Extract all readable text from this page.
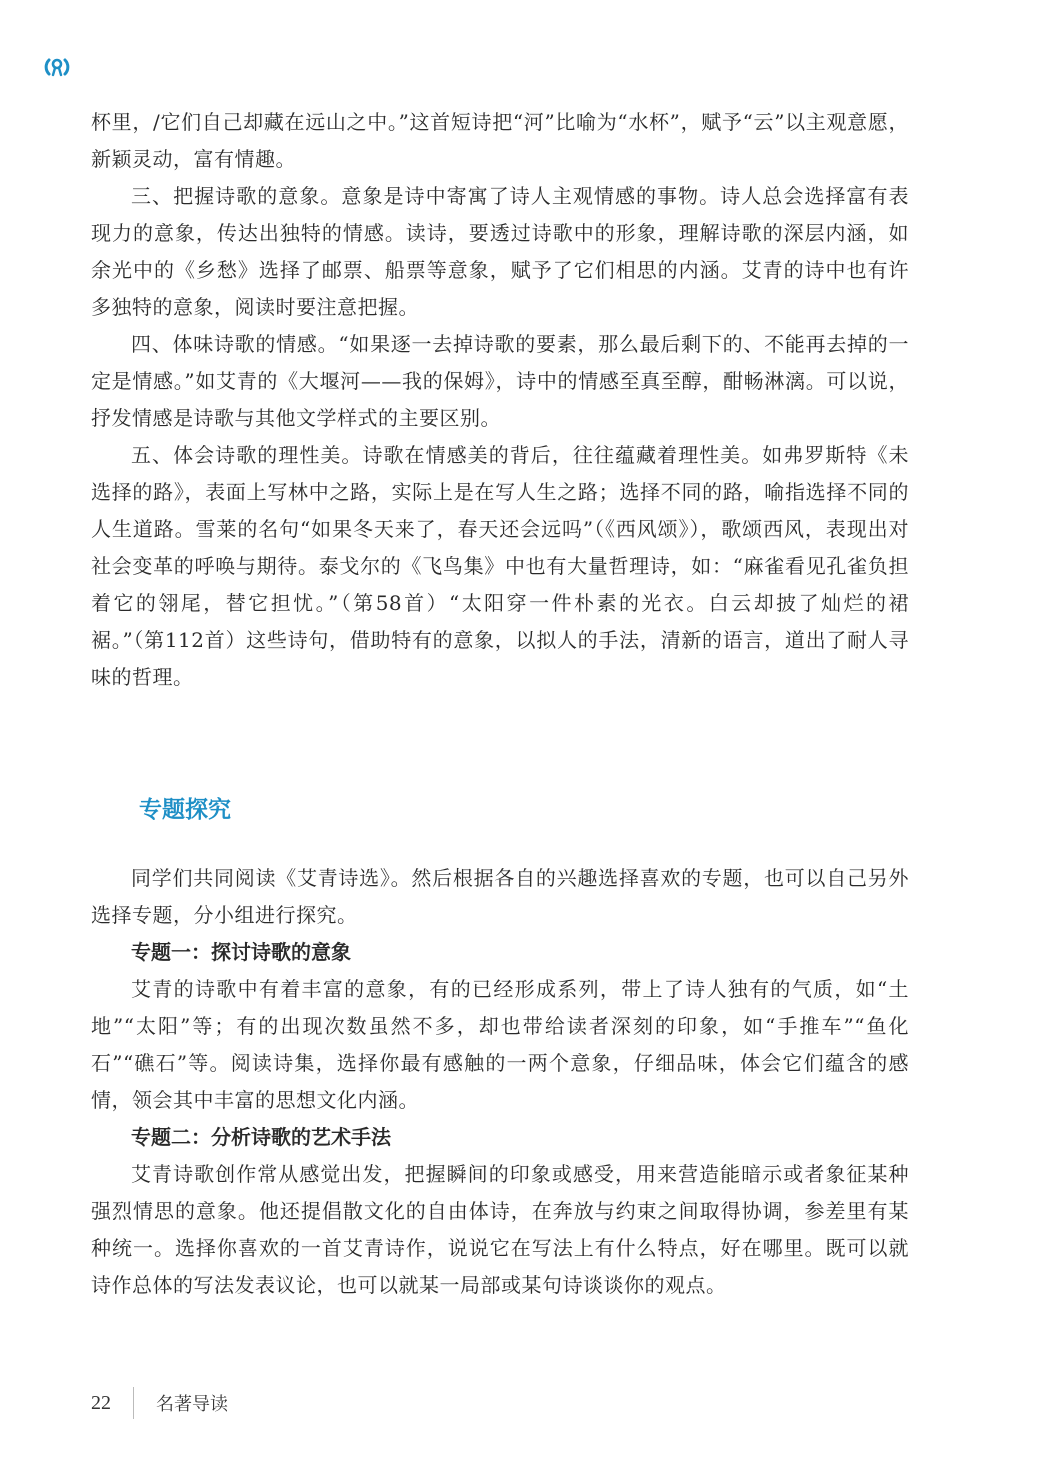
杯里，/它们自己却藏在远山之中。”这首短诗把“河”比喻为“水杯”，赋予“云”以主观意愿，新颖灵动，富有情趣。

三、把握诗歌的意象。意象是诗中寄寓了诗人主观情感的事物。诗人总会选择富有表现力的意象，传达出独特的情感。读诗，要透过诗歌中的形象，理解诗歌的深层内涵，如余光中的《乡愁》选择了邮票、船票等意象，赋予了它们相思的内涵。艾青的诗中也有许多独特的意象，阅读时要注意把握。

四、体味诗歌的情感。“如果逐一去掉诗歌的要素，那么最后剩下的、不能再去掉的一定是情感。”如艾青的《大堰河——我的保姆》，诗中的情感至真至醇，酣畅淋漓。可以说，抒发情感是诗歌与其他文学样式的主要区别。

五、体会诗歌的理性美。诗歌在情感美的背后，往往蕴藏着理性美。如弗罗斯特《未选择的路》，表面上写林中之路，实际上是在写人生之路；选择不同的路，喻指选择不同的人生道路。雪莱的名句“如果冬天来了，春天还会远吗”（《西风颂》），歌颂西风，表现出对社会变革的呼唤与期待。泰戈尔的《飞鸟集》中也有大量哲理诗，如：“麻雀看见孔雀负担着它的翎尾，替它担忧。”（第58首）“太阳穿一件朴素的光衣。白云却披了灿烂的裙裾。”（第112首）这些诗句，借助特有的意象，以拟人的手法，清新的语言，道出了耐人寻味的哲理。

专题探究

同学们共同阅读《艾青诗选》。然后根据各自的兴趣选择喜欢的专题，也可以自己另外选择专题，分小组进行探究。

专题一：探讨诗歌的意象

艾青的诗歌中有着丰富的意象，有的已经形成系列，带上了诗人独有的气质，如“土地”“太阳”等；有的出现次数虽然不多，却也带给读者深刻的印象，如“手推车”“鱼化石”“礁石”等。阅读诗集，选择你最有感触的一两个意象，仔细品味，体会它们蕴含的感情，领会其中丰富的思想文化内涵。

专题二：分析诗歌的艺术手法

艾青诗歌创作常从感觉出发，把握瞬间的印象或感受，用来营造能暗示或者象征某种强烈情思的意象。他还提倡散文化的自由体诗，在奔放与约束之间取得协调，参差里有某种统一。选择你喜欢的一首艾青诗作，说说它在写法上有什么特点，好在哪里。既可以就诗作总体的写法发表议论，也可以就某一局部或某句诗谈谈你的观点。

22	名著导读
